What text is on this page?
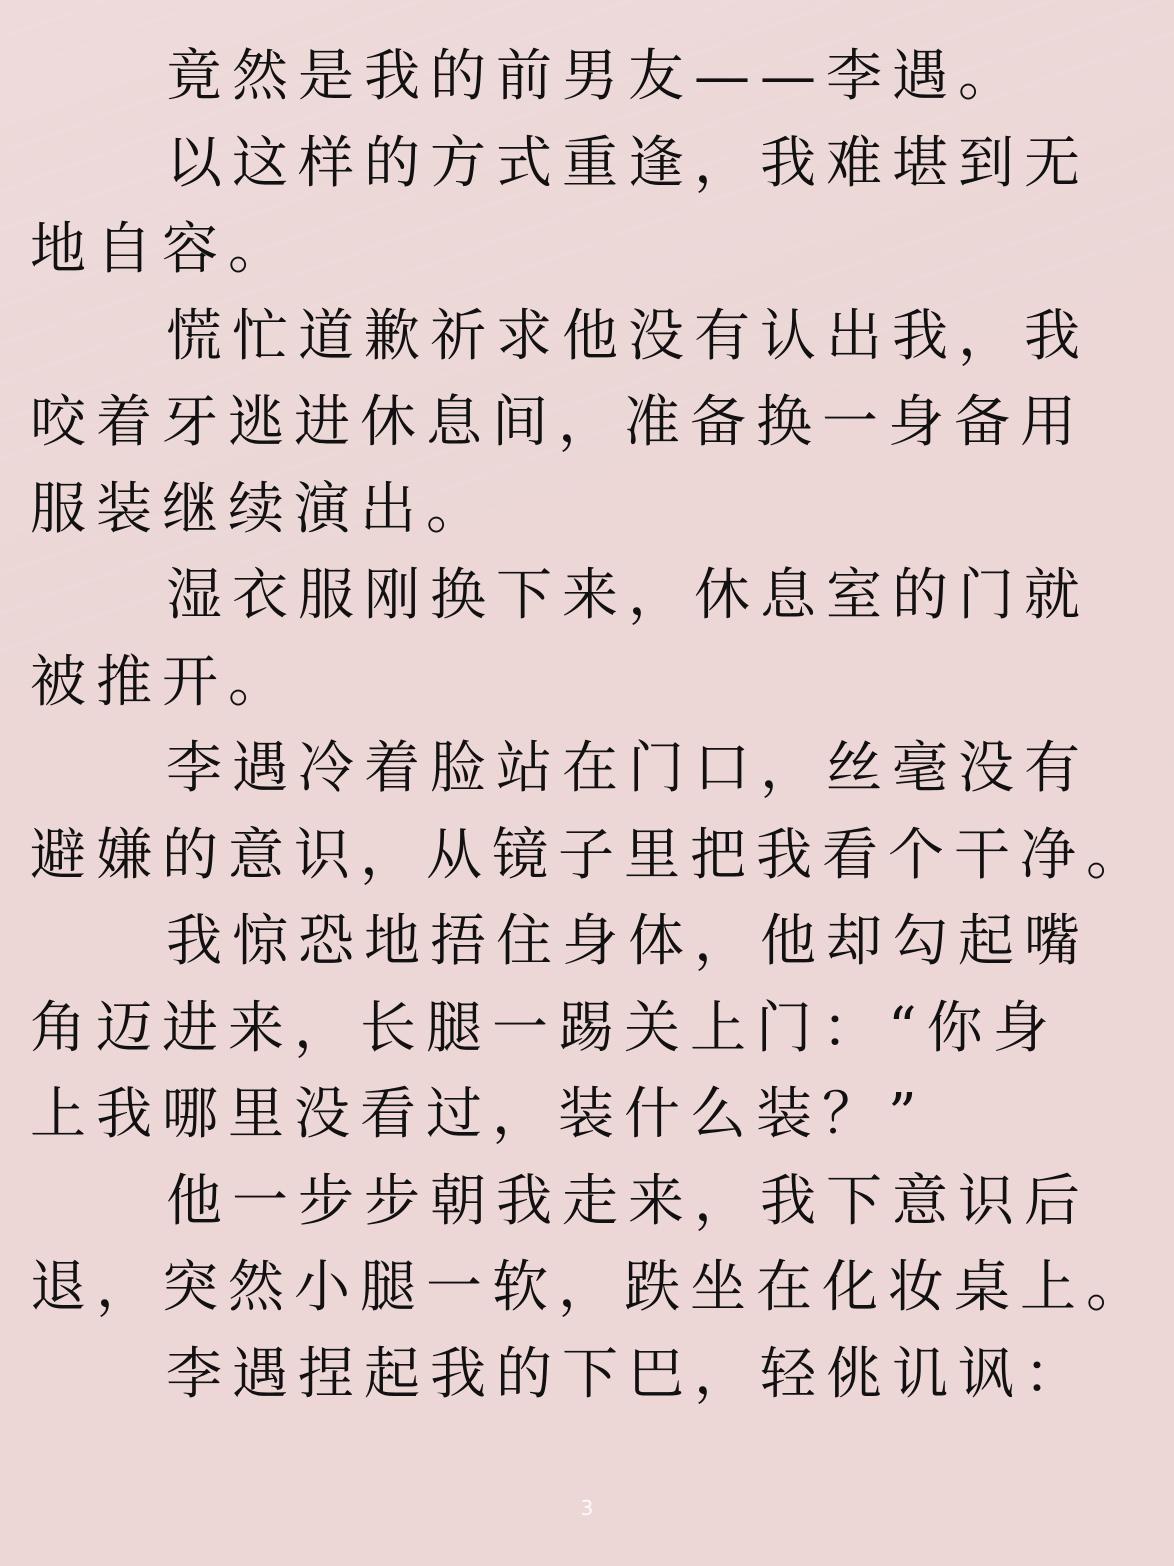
竟然是我的前男友——李遇。
以这样的方式重逢，我难堪到无
地自容。
慌忙道歉祈求他没有认出我，我
咬着牙逃进休息间，准备换一身备用
服装继续演出。
湿衣服刚换下来，休息室的门就
被推开。
李遇冷着脸站在门口，丝毫没有
避嫌的意识，从镜子里把我看个干净。
我惊恐地捂住身体，他却勾起嘴
角迈进来，长腿一踢关上门：“你身
上我哪里没看过，装什么装？”
他一步步朝我走来，我下意识后
退，突然小腿一软，跌坐在化妆桌上。
李遇捏起我的下巴，轻佻讥讽：
3
